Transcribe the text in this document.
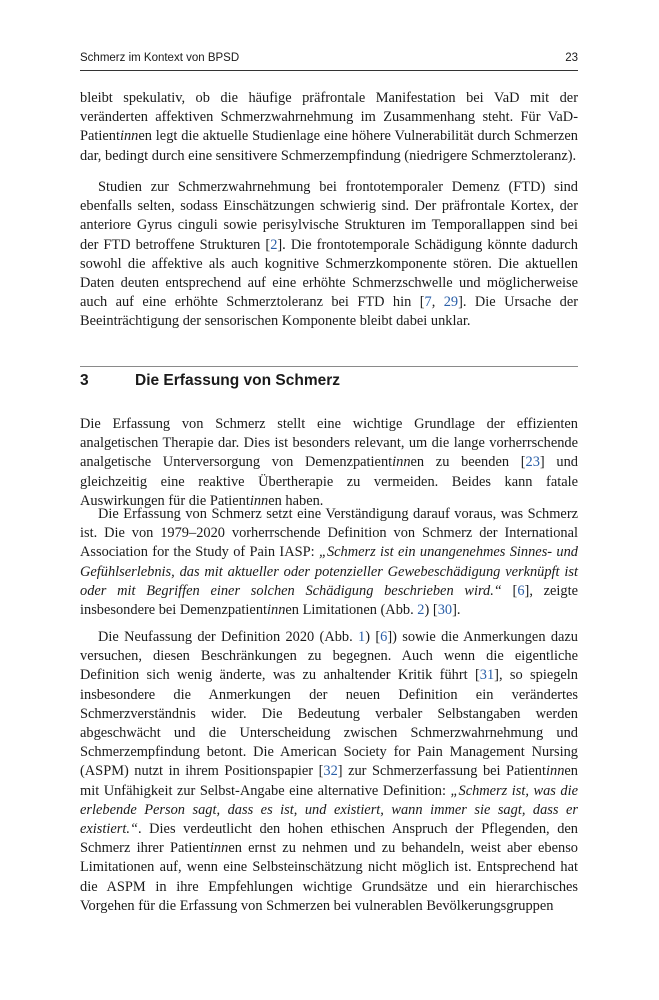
Schmerz im Kontext von BPSD	23

bleibt spekulativ, ob die häufige präfrontale Manifestation bei VaD mit der veränderten affektiven Schmerzwahrnehmung im Zusammenhang steht. Für VaD-Patientinnen legt die aktuelle Studienlage eine höhere Vulnerabilität durch Schmerzen dar, bedingt durch eine sensitivere Schmerzempfindung (niedrigere Schmerztoleranz).

Studien zur Schmerzwahrnehmung bei frontotemporaler Demenz (FTD) sind ebenfalls selten, sodass Einschätzungen schwierig sind. Der präfrontale Kortex, der anteriore Gyrus cinguli sowie perisylvische Strukturen im Temporallappen sind bei der FTD betroffene Strukturen [2]. Die frontotemporale Schädigung könnte dadurch sowohl die affektive als auch kognitive Schmerzkomponente stören. Die aktuellen Daten deuten entsprechend auf eine erhöhte Schmerzschwelle und möglicherweise auch auf eine erhöhte Schmerztoleranz bei FTD hin [7, 29]. Die Ursache der Beeinträchtigung der sensorischen Komponente bleibt dabei unklar.

3	Die Erfassung von Schmerz

Die Erfassung von Schmerz stellt eine wichtige Grundlage der effizienten analgetischen Therapie dar. Dies ist besonders relevant, um die lange vorherrschende analgetische Unterversorgung von Demenzpatientinnen zu beenden [23] und gleichzeitig eine reaktive Übertherapie zu vermeiden. Beides kann fatale Auswirkungen für die Patientinnen haben.

Die Erfassung von Schmerz setzt eine Verständigung darauf voraus, was Schmerz ist. Die von 1979–2020 vorherrschende Definition von Schmerz der International Association for the Study of Pain IASP: „Schmerz ist ein unangenehmes Sinnes- und Gefühlserlebnis, das mit aktueller oder potenzieller Gewebeschädigung verknüpft ist oder mit Begriffen einer solchen Schädigung beschrieben wird.“ [6], zeigte insbesondere bei Demenzpatientinnen Limitationen (Abb. 2) [30].

Die Neufassung der Definition 2020 (Abb. 1) [6]) sowie die Anmerkungen dazu versuchen, diesen Beschränkungen zu begegnen. Auch wenn die eigentliche Definition sich wenig änderte, was zu anhaltender Kritik führt [31], so spiegeln insbesondere die Anmerkungen der neuen Definition ein verändertes Schmerzverständnis wider. Die Bedeutung verbaler Selbstangaben werden abgeschwächt und die Unterscheidung zwischen Schmerzwahrnehmung und Schmerzempfindung betont. Die American Society for Pain Management Nursing (ASPM) nutzt in ihrem Positionspapier [32] zur Schmerzerfassung bei Patientinnen mit Unfähigkeit zur Selbst-Angabe eine alternative Definition: „Schmerz ist, was die erlebende Person sagt, dass es ist, und existiert, wann immer sie sagt, dass er existiert.“. Dies verdeutlicht den hohen ethischen Anspruch der Pflegenden, den Schmerz ihrer Patientinnen ernst zu nehmen und zu behandeln, weist aber ebenso Limitationen auf, wenn eine Selbsteinschätzung nicht möglich ist. Entsprechend hat die ASPM in ihre Empfehlungen wichtige Grundsätze und ein hierarchisches Vorgehen für die Erfassung von Schmerzen bei vulnerablen Bevölkerungsgruppen
